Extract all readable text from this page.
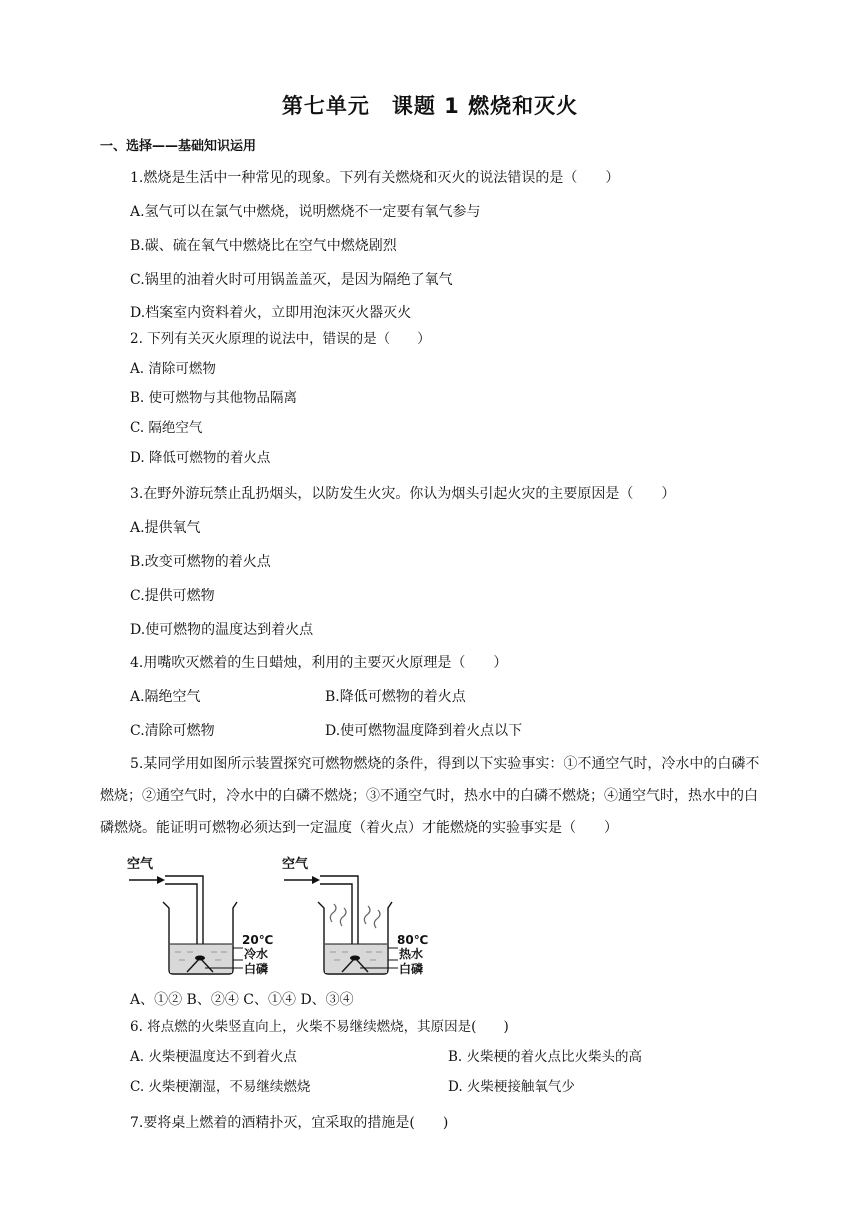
第七单元　课题 1 燃烧和灭火
一、选择——基础知识运用
1.燃烧是生活中一种常见的现象。下列有关燃烧和灭火的说法错误的是（　　）
A.氢气可以在氯气中燃烧，说明燃烧不一定要有氧气参与
B.碳、硫在氧气中燃烧比在空气中燃烧剧烈
C.锅里的油着火时可用锅盖盖灭，是因为隔绝了氧气
D.档案室内资料着火，立即用泡沫灭火器灭火
2. 下列有关灭火原理的说法中，错误的是（　　）
A. 清除可燃物
B. 使可燃物与其他物品隔离
C. 隔绝空气
D. 降低可燃物的着火点
3.在野外游玩禁止乱扔烟头，以防发生火灾。你认为烟头引起火灾的主要原因是（　　）
A.提供氧气
B.改变可燃物的着火点
C.提供可燃物
D.使可燃物的温度达到着火点
4.用嘴吹灭燃着的生日蜡烛，利用的主要灭火原理是（　　）
A.隔绝空气	B.降低可燃物的着火点
C.清除可燃物	D.使可燃物温度降到着火点以下
5.某同学用如图所示装置探究可燃物燃烧的条件，得到以下实验事实：①不通空气时，冷水中的白磷不燃烧；②通空气时，冷水中的白磷不燃烧；③不通空气时，热水中的白磷不燃烧；④通空气时，热水中的白磷燃烧。能证明可燃物必须达到一定温度（着火点）才能燃烧的实验事实是（　　）
空气
20℃
冷水
白磷
空气
80℃
热水
白磷
A、①② B、②④ C、①④ D、③④
6. 将点燃的火柴竖直向上，火柴不易继续燃烧，其原因是(　　)
A. 火柴梗温度达不到着火点	B. 火柴梗的着火点比火柴头的高
C. 火柴梗潮湿，不易继续燃烧	D. 火柴梗接触氧气少
7.要将桌上燃着的酒精扑灭，宜采取的措施是(　　)
